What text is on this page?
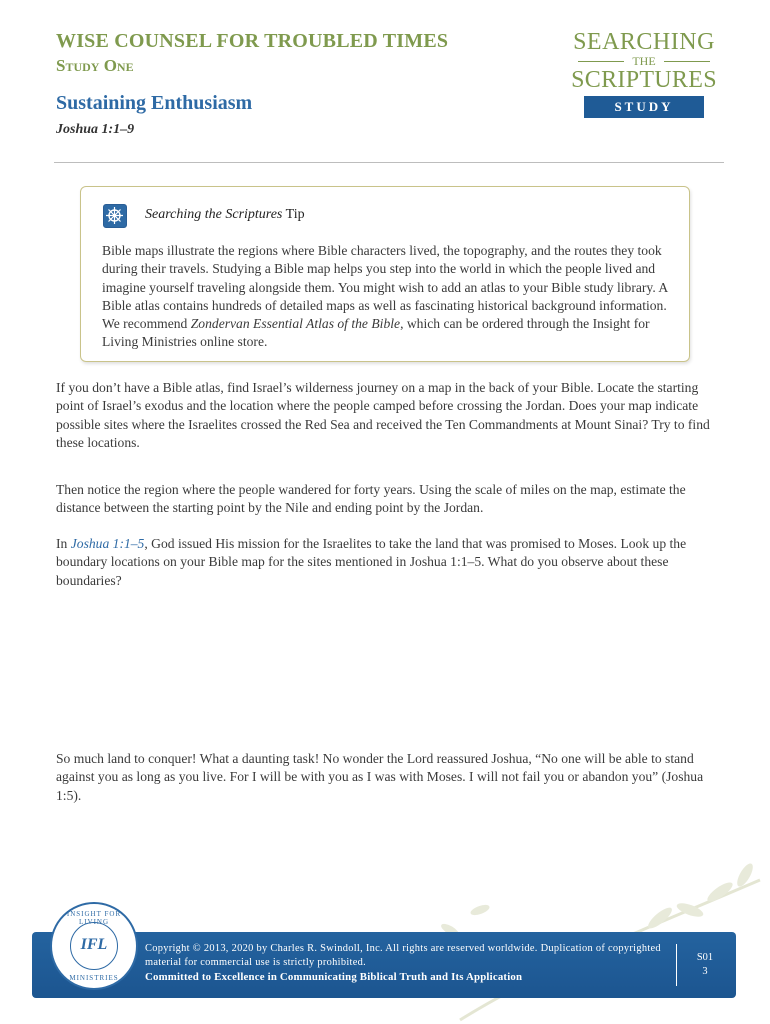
WISE COUNSEL FOR TROUBLED TIMES
Study One
Sustaining Enthusiasm
Joshua 1:1–9
SEARCHING
THE
SCRIPTURES
STUDY
Searching the Scriptures Tip
Bible maps illustrate the regions where Bible characters lived, the topography, and the routes they took during their travels. Studying a Bible map helps you step into the world in which the people lived and imagine yourself traveling alongside them. You might wish to add an atlas to your Bible study library. A Bible atlas contains hundreds of detailed maps as well as fascinating historical background information. We recommend Zondervan Essential Atlas of the Bible, which can be ordered through the Insight for Living Ministries online store.
If you don’t have a Bible atlas, find Israel’s wilderness journey on a map in the back of your Bible. Locate the starting point of Israel’s exodus and the location where the people camped before crossing the Jordan. Does your map indicate possible sites where the Israelites crossed the Red Sea and received the Ten Commandments at Mount Sinai? Try to find these locations.
Then notice the region where the people wandered for forty years. Using the scale of miles on the map, estimate the distance between the starting point by the Nile and ending point by the Jordan.
In Joshua 1:1–5, God issued His mission for the Israelites to take the land that was promised to Moses. Look up the boundary locations on your Bible map for the sites mentioned in Joshua 1:1–5. What do you observe about these boundaries?
So much land to conquer! What a daunting task! No wonder the Lord reassured Joshua, “No one will be able to stand against you as long as you live. For I will be with you as I was with Moses. I will not fail you or abandon you” (Joshua 1:5).
INSIGHT FOR LIVING
IFL
MINISTRIES
Copyright © 2013, 2020 by Charles R. Swindoll, Inc. All rights are reserved worldwide. Duplication of copyrighted material for commercial use is strictly prohibited.
Committed to Excellence in Communicating Biblical Truth and Its Application
S01
3
